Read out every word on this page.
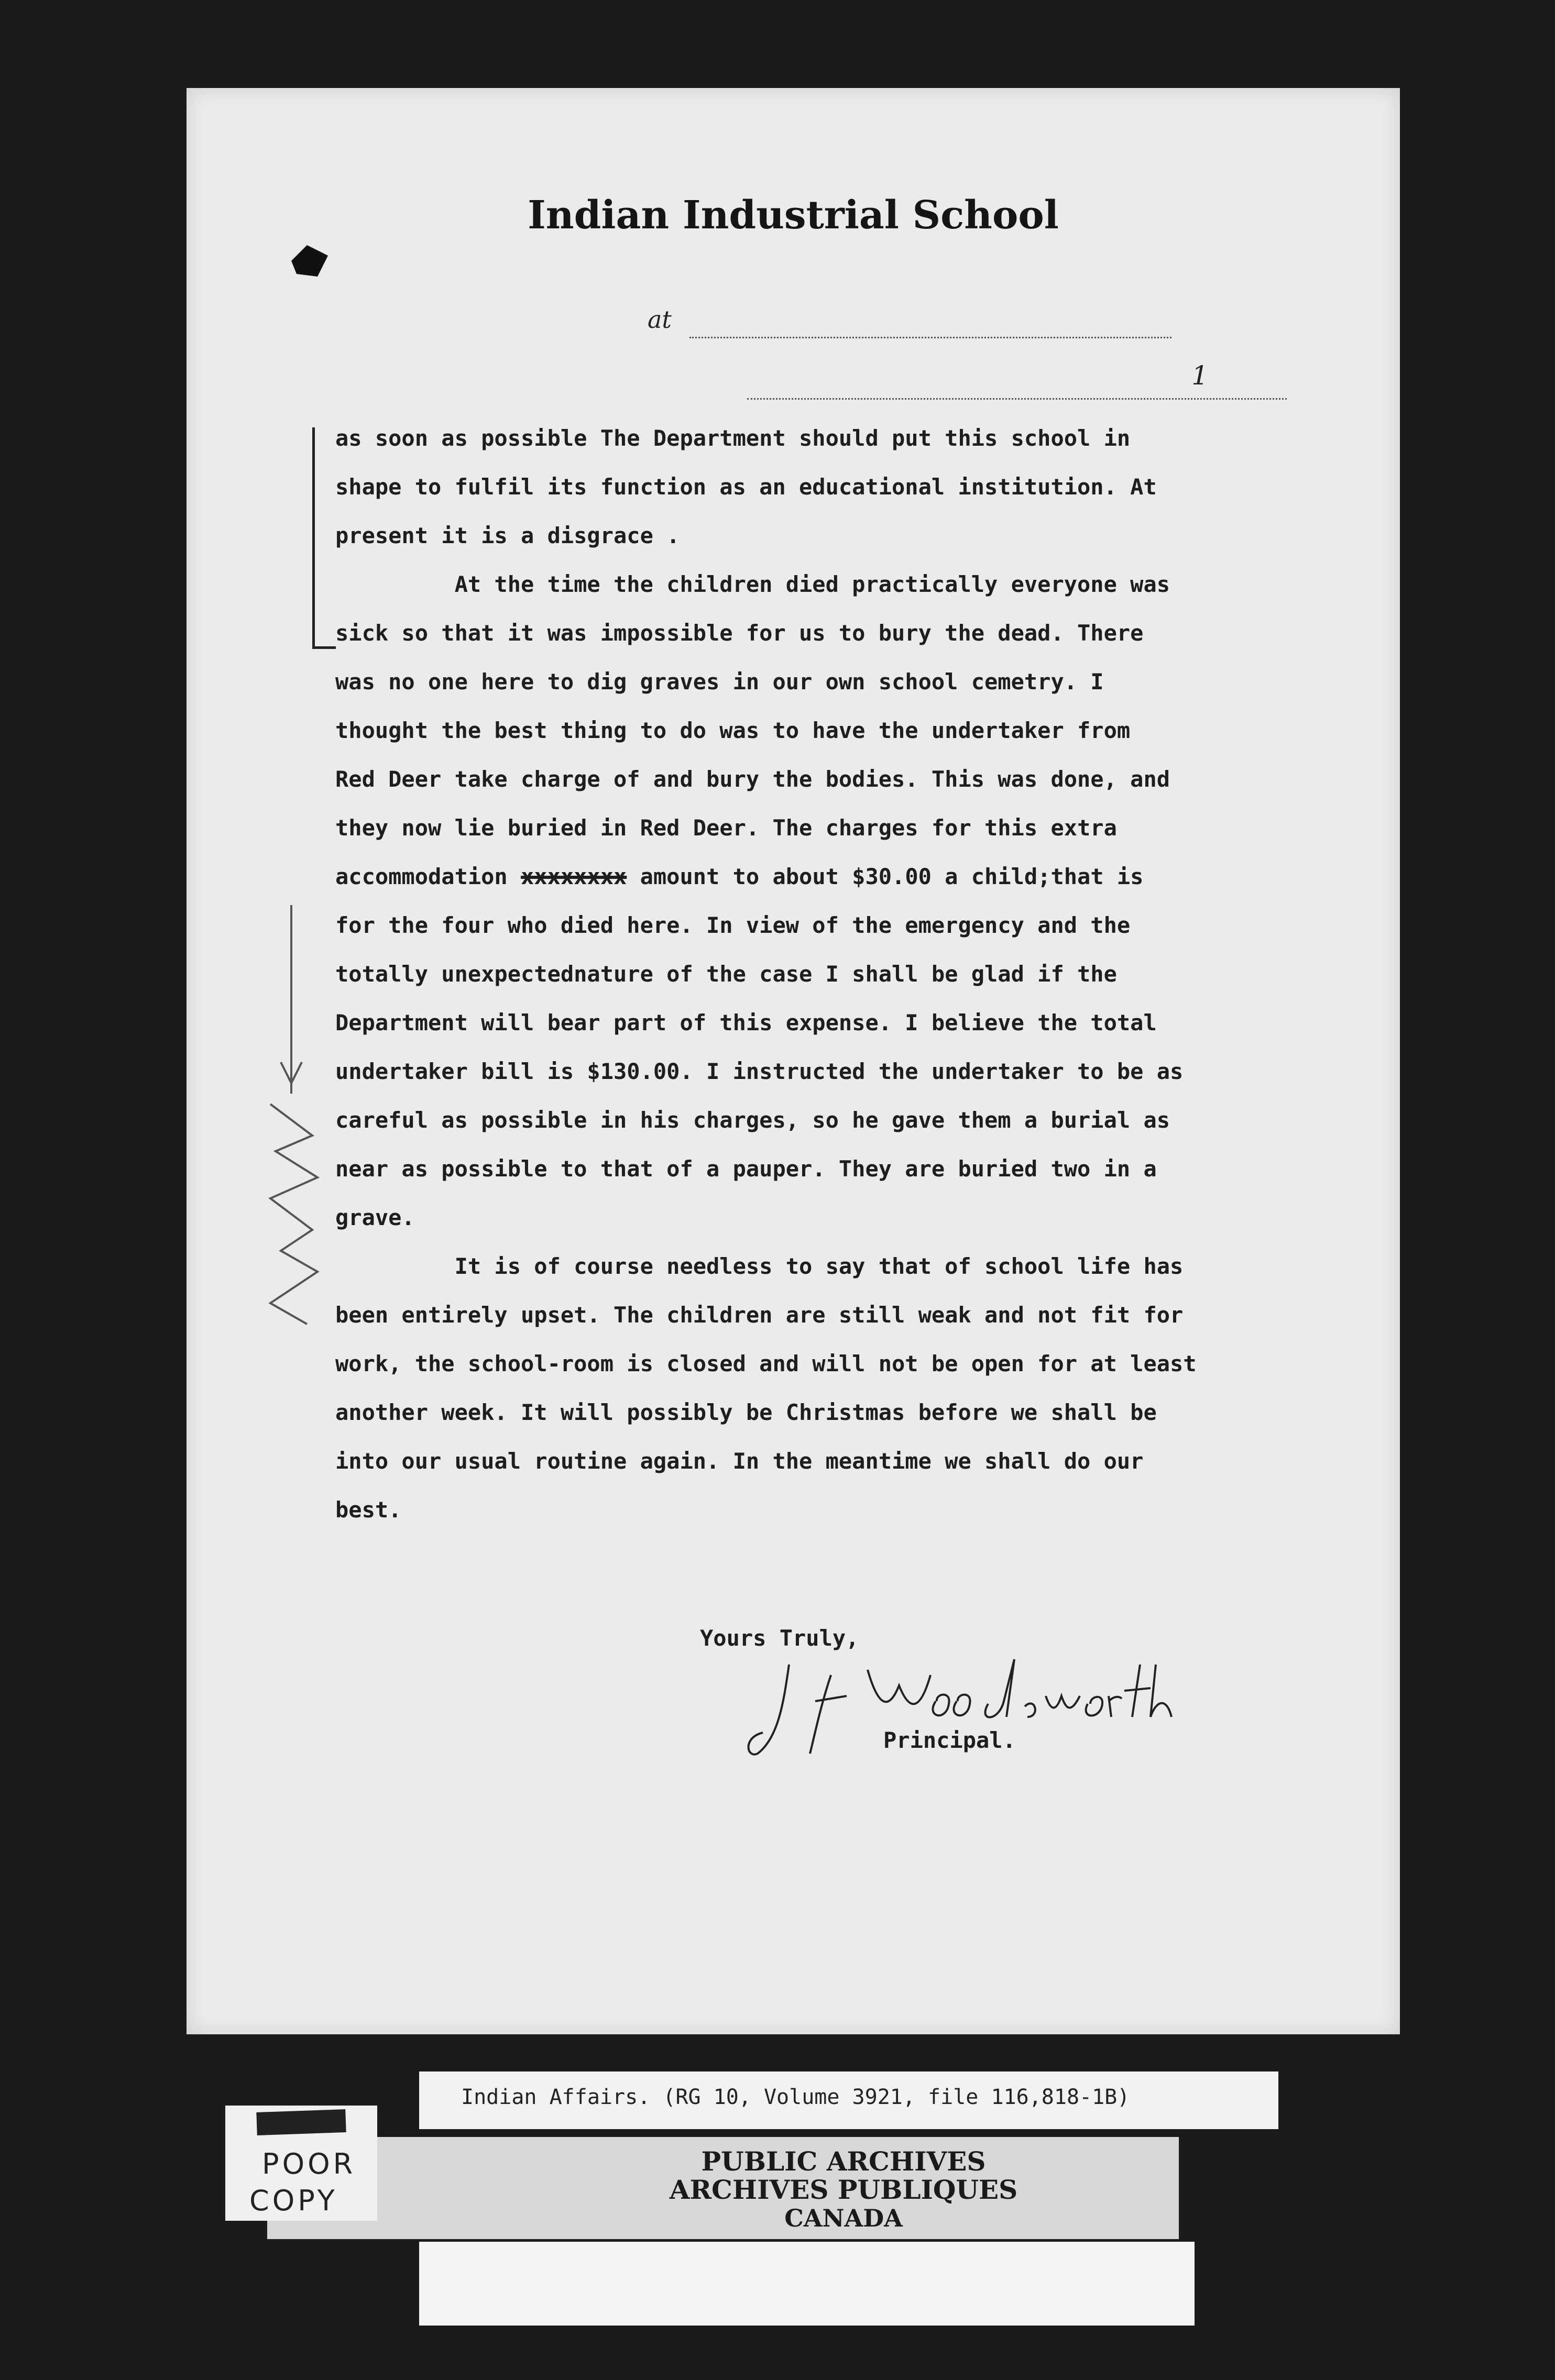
Indian Industrial School
at
1
as soon as possible The Department should put this school in
shape to fulfil its function as an educational institution. At
present it is a disgrace .
At the time the children died practically everyone was
sick so that it was impossible for us to bury the dead. There
was no one here to dig graves in our own school cemetry. I
thought the best thing to do was to have the undertaker from
Red Deer take charge of and bury the bodies. This was done, and
they now lie buried in Red Deer. The charges for this extra
accommodation xxxxxxxx amount to about $30.00 a child;that is
for the four who died here. In view of the emergency and the
totally unexpectednature of the case I shall be glad if the
Department will bear part of this expense. I believe the total
undertaker bill is $130.00. I instructed the undertaker to be as
careful as possible in his charges, so he gave them a burial as
near as possible to that of a pauper. They are buried two in a
grave.
It is of course needless to say that of school life has
been entirely upset. The children are still weak and not fit for
work, the school-room is closed and will not be open for at least
another week. It will possibly be Christmas before we shall be
into our usual routine again. In the meantime we shall do our
best.
Yours Truly,
Principal.
PUBLIC ARCHIVES
ARCHIVES PUBLIQUES
CANADA
Indian Affairs. (RG 10, Volume 3921, file 116,818-1B)
POOR
COPY
